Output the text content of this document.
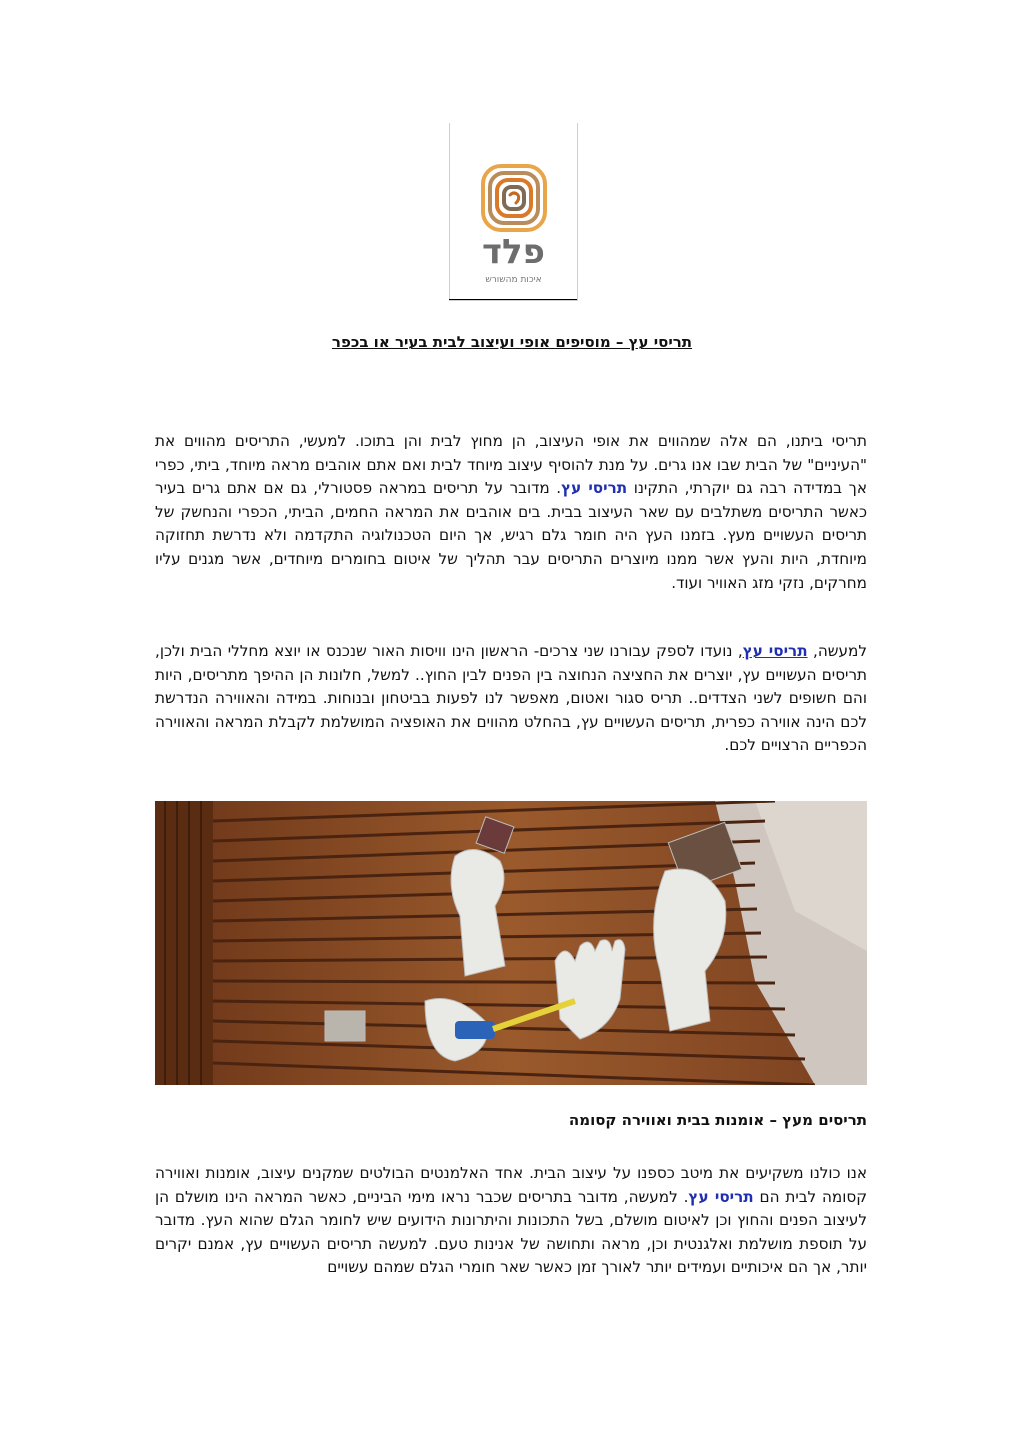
פלד
איכות מהשורש
תריסי עץ – מוסיפים אופי ועיצוב לבית בעיר או בכפר

תריסי ביתנו, הם אלה שמהווים את אופי העיצוב, הן מחוץ לבית והן בתוכו. למעשי, התריסים מהווים את "העיניים" של הבית שבו אנו גרים. על מנת להוסיף עיצוב מיוחד לבית ואם אתם אוהבים מראה מיוחד, ביתי, כפרי אך במדידה רבה גם יוקרתי, התקינו תריסי עץ. מדובר על תריסים במראה פסטורלי, גם אם אתם גרים בעיר כאשר התריסים משתלבים עם שאר העיצוב בבית. בים אוהבים את המראה החמים, הביתי, הכפרי והנחשק של תריסים העשויים מעץ. בזמנו העץ היה חומר גלם רגיש, אך היום הטכנולוגיה התקדמה ולא נדרשת תחזוקה מיוחדת, היות והעץ אשר ממנו מיוצרים התריסים עבר תהליך של איטום בחומרים מיוחדים, אשר מגנים עליו מחרקים, נזקי מזג האוויר ועוד.

למעשה, תריסי עץ, נועדו לספק עבורנו שני צרכים- הראשון הינו וויסות האור שנכנס או יוצא מחללי הבית ולכן, תריסים העשויים עץ, יוצרים את החציצה הנחוצה בין הפנים לבין החוץ.. למשל, חלונות הן ההיפך מתריסים, היות והם חשופים לשני הצדדים.. תריס סגור ואטום, מאפשר לנו לפעות בביטחון ובנוחות. במידה והאווירה הנדרשת לכם הינה אווירה כפרית, תריסים העשויים עץ, בהחלט מהווים את האופציה המושלמת לקבלת המראה והאווירה הכפריים הרצויים לכם.

תריסים מעץ – אומנות בבית ואווירה קסומה

אנו כולנו משקיעים את מיטב כספנו על עיצוב הבית. אחד האלמנטים הבולטים שמקנים עיצוב, אומנות ואווירה קסומה לבית הם תריסי עץ. למעשה, מדובר בתריסים שכבר נראו מימי הביניים, כאשר המראה הינו מושלם הן לעיצוב הפנים והחוץ וכן לאיטום מושלם, בשל התכונות והיתרונות הידועים שיש לחומר הגלם שהוא העץ. מדובר על תוספת מושלמת ואלגנטית וכן, מראה ותחושה של אנינות טעם. למעשה תריסים העשויים עץ, אמנם יקרים יותר, אך הם איכותיים ועמידים יותר לאורך זמן כאשר שאר חומרי הגלם שמהם עשויים
